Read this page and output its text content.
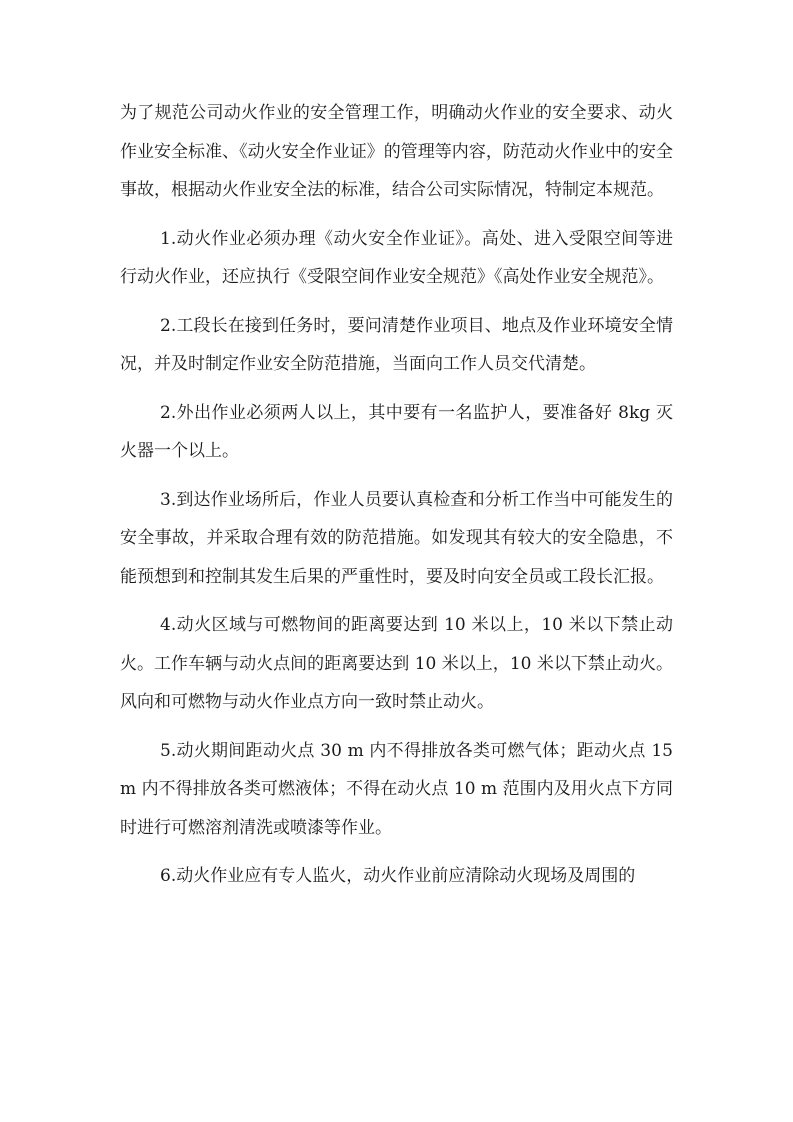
为了规范公司动火作业的安全管理工作，明确动火作业的安全要求、动火作业安全标准、《动火安全作业证》的管理等内容，防范动火作业中的安全事故，根据动火作业安全法的标准，结合公司实际情况，特制定本规范。

1.动火作业必须办理《动火安全作业证》。高处、进入受限空间等进行动火作业，还应执行《受限空间作业安全规范》《高处作业安全规范》。

2.工段长在接到任务时，要问清楚作业项目、地点及作业环境安全情况，并及时制定作业安全防范措施，当面向工作人员交代清楚。

2.外出作业必须两人以上，其中要有一名监护人，要准备好 8kg 灭火器一个以上。

3.到达作业场所后，作业人员要认真检查和分析工作当中可能发生的安全事故，并采取合理有效的防范措施。如发现其有较大的安全隐患，不能预想到和控制其发生后果的严重性时，要及时向安全员或工段长汇报。

4.动火区域与可燃物间的距离要达到 10 米以上，10 米以下禁止动火。工作车辆与动火点间的距离要达到 10 米以上，10 米以下禁止动火。风向和可燃物与动火作业点方向一致时禁止动火。

5.动火期间距动火点 30 m 内不得排放各类可燃气体；距动火点 15 m 内不得排放各类可燃液体；不得在动火点 10 m 范围内及用火点下方同时进行可燃溶剂清洗或喷漆等作业。

6.动火作业应有专人监火，动火作业前应清除动火现场及周围的
